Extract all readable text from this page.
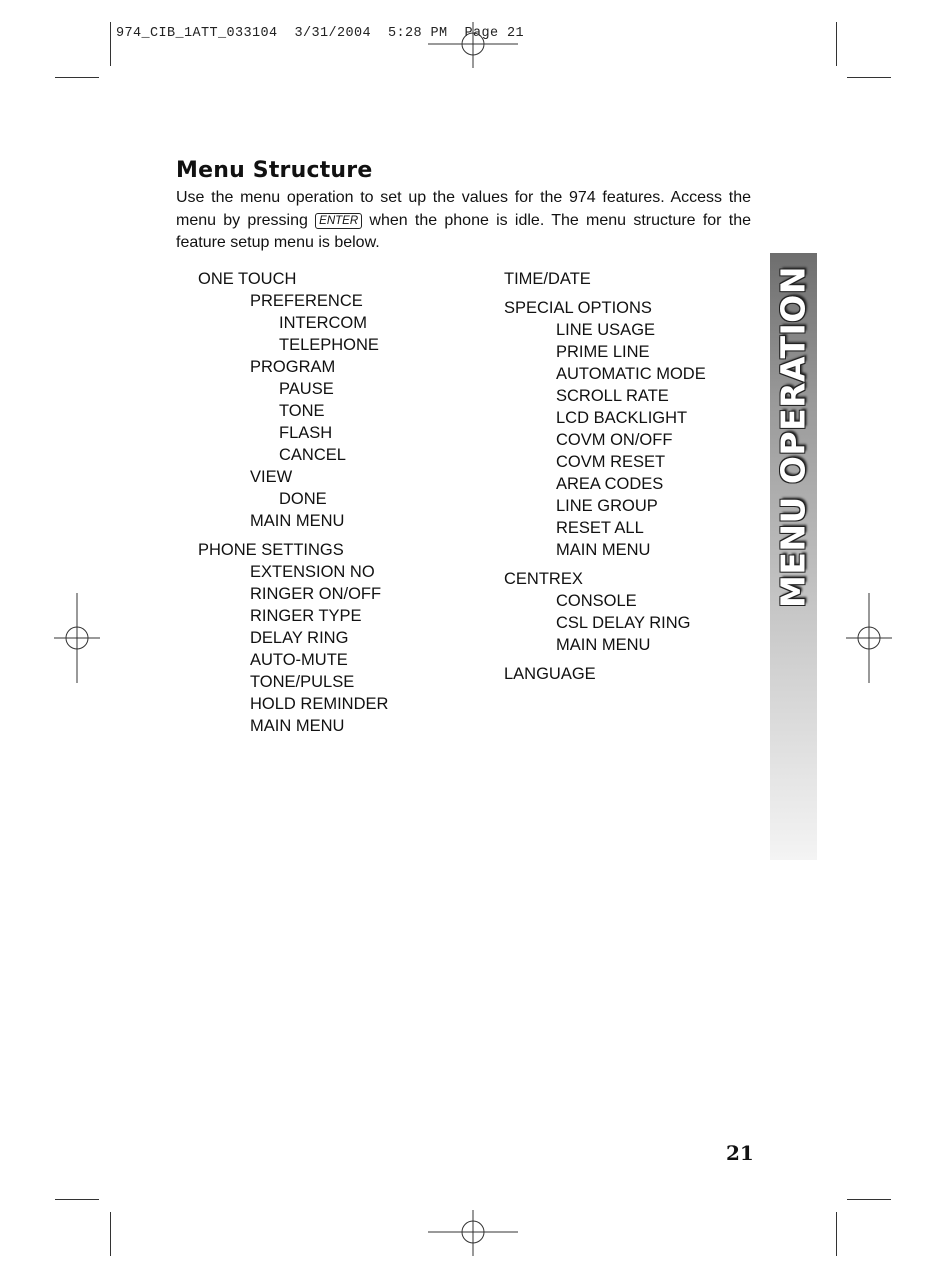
974_CIB_1ATT_033104  3/31/2004  5:28 PM  Page 21
Menu Structure

Use the menu operation to set up the values for the 974 features. Access the menu by pressing ENTER when the phone is idle. The menu structure for the feature setup menu is below.

ONE TOUCH
PREFERENCE
INTERCOM
TELEPHONE
PROGRAM
PAUSE
TONE
FLASH
CANCEL
VIEW
DONE
MAIN MENU
PHONE SETTINGS
EXTENSION NO
RINGER ON/OFF
RINGER TYPE
DELAY RING
AUTO-MUTE
TONE/PULSE
HOLD REMINDER
MAIN MENU
TIME/DATE
SPECIAL OPTIONS
LINE USAGE
PRIME LINE
AUTOMATIC MODE
SCROLL RATE
LCD BACKLIGHT
COVM ON/OFF
COVM RESET
AREA CODES
LINE GROUP
RESET ALL
MAIN MENU
CENTREX
CONSOLE
CSL DELAY RING
MAIN MENU
LANGUAGE
MENU OPERATION
21
